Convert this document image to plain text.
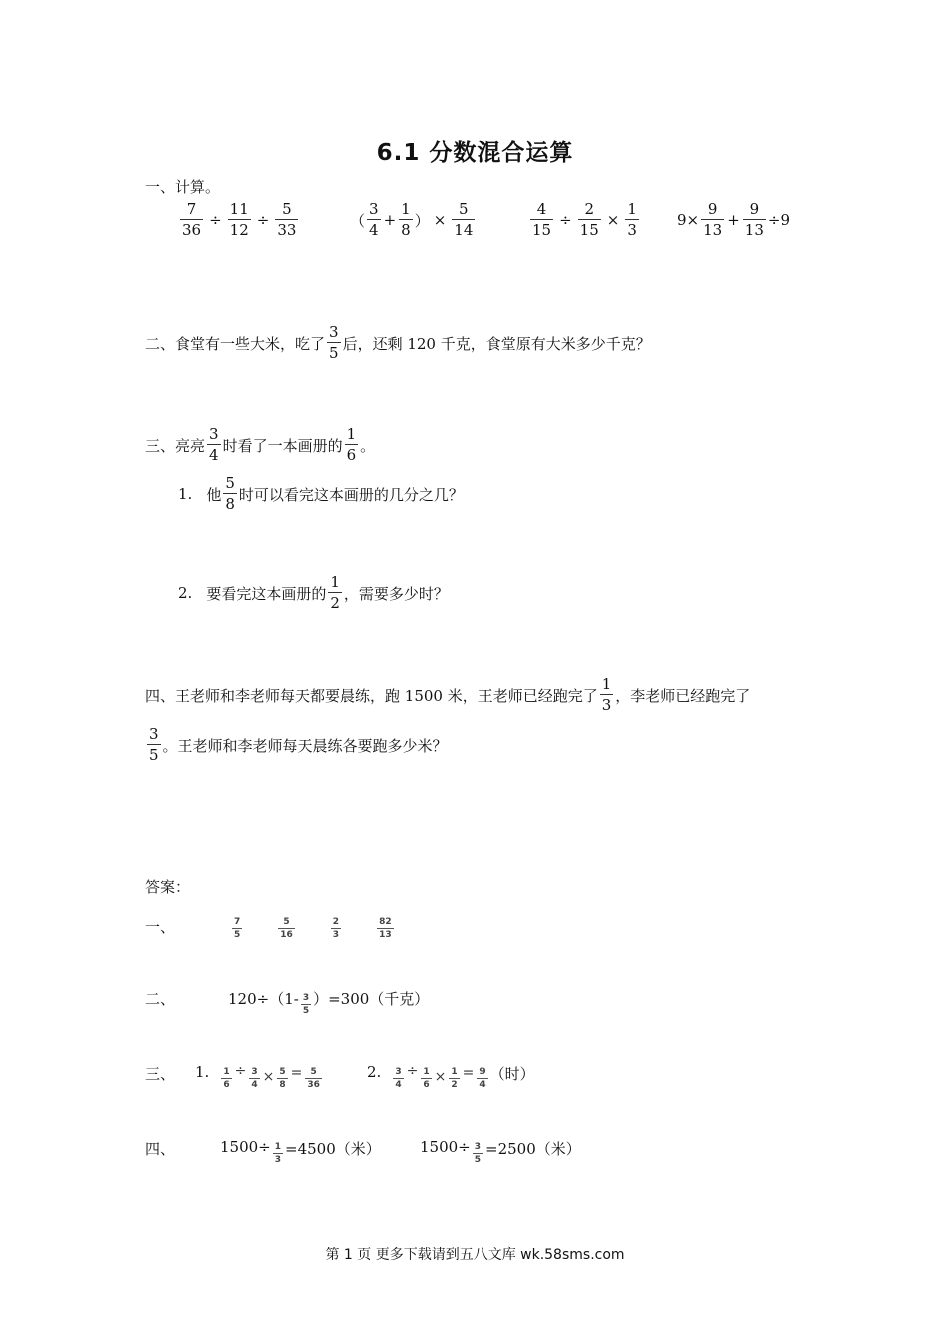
6.1 分数混合运算
一、计算。
$\frac{7}{36} \div \frac{11}{12} \div \frac{5}{33}$	（ $\frac{3}{4} + \frac{1}{8}$ ） × $\frac{5}{14}$	$\frac{4}{15} \div \frac{2}{15} \times \frac{1}{3}$	$9\times \frac{9}{13} + \frac{9}{13} \div 9$
二、食堂有一些大米，吃了 $\frac{3}{5}$ 后，还剩 120 千克，食堂原有大米多少千克？
三、亮亮 $\frac{3}{4}$ 时看了一本画册的 $\frac{1}{6}$ 。
1. 他 $\frac{5}{8}$ 时可以看完这本画册的几分之几？
2. 要看完这本画册的 $\frac{1}{2}$ ，需要多少时？
四、王老师和李老师每天都要晨练，跑 1500 米，王老师已经跑完了 $\frac{1}{3}$ ，李老师已经跑完了
$\frac{3}{5}$ 。王老师和李老师每天晨练各要跑多少米？
答案：
一、	$\frac{7}{5}$	$\frac{5}{16}$	$\frac{2}{3}$	$\frac{82}{13}$
二、	$120\div(1- \frac{3}{5} )=300$（千克）
三、 1. $\frac{1}{6} \div \frac{3}{4} \times \frac{5}{8} = \frac{5}{36}$	2. $\frac{3}{4} \div \frac{1}{6} \times \frac{1}{2} = \frac{9}{4}$ （时）
四、	$1500\div \frac{1}{3} =4500$（米）	$1500\div \frac{3}{5} =2500$（米）
第 1 页 更多下载请到五八文库 wk.58sms.com
